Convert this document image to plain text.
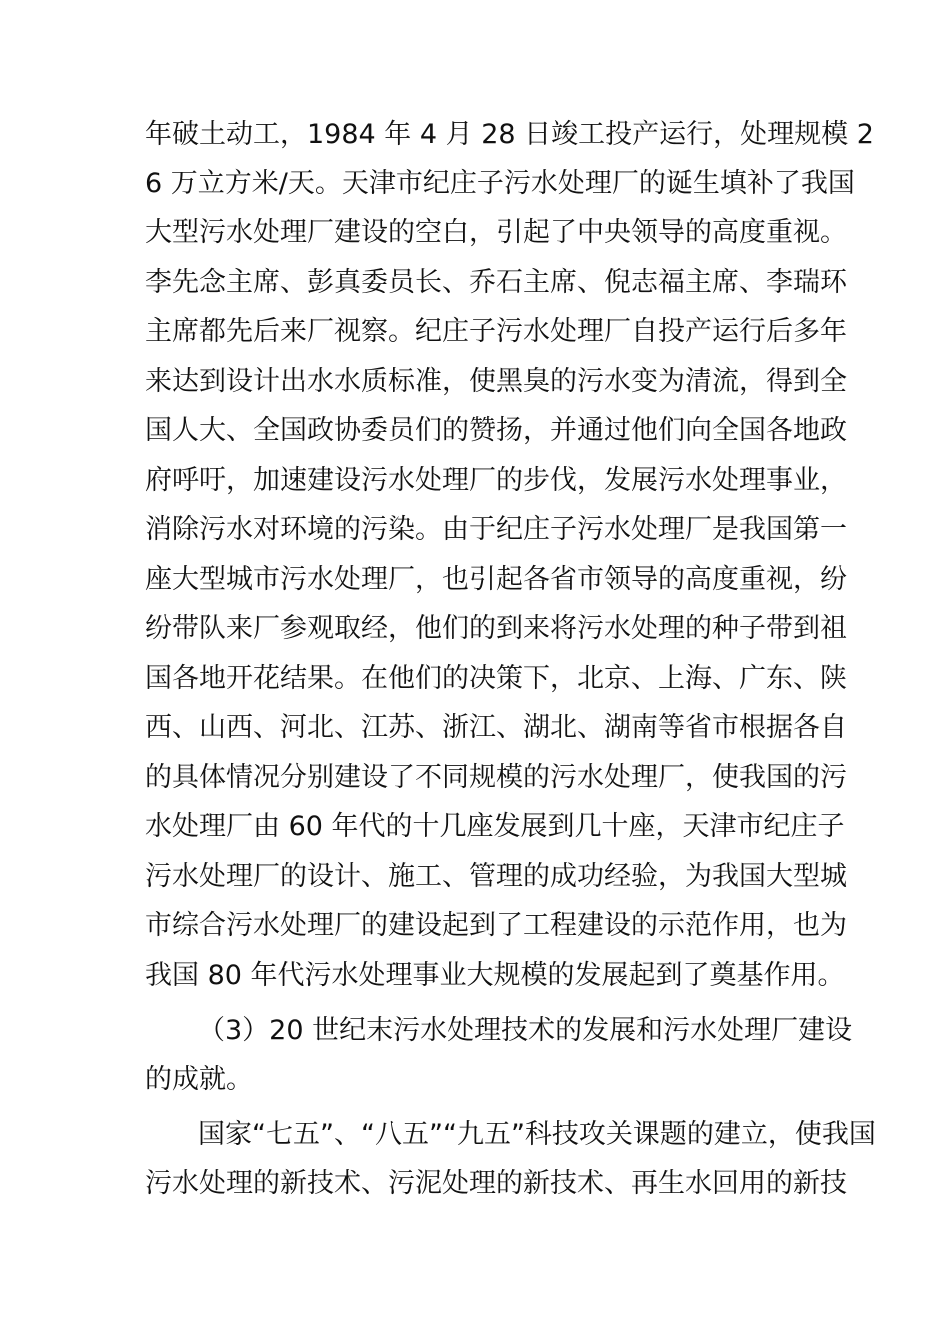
年破土动工，1984 年 4 月 28 日竣工投产运行，处理规模 2
6 万立方米/天。天津市纪庄子污水处理厂的诞生填补了我国
大型污水处理厂建设的空白，引起了中央领导的高度重视。
李先念主席、彭真委员长、乔石主席、倪志福主席、李瑞环
主席都先后来厂视察。纪庄子污水处理厂自投产运行后多年
来达到设计出水水质标准，使黑臭的污水变为清流，得到全
国人大、全国政协委员们的赞扬，并通过他们向全国各地政
府呼吁，加速建设污水处理厂的步伐，发展污水处理事业，
消除污水对环境的污染。由于纪庄子污水处理厂是我国第一
座大型城市污水处理厂，也引起各省市领导的高度重视，纷
纷带队来厂参观取经，他们的到来将污水处理的种子带到祖
国各地开花结果。在他们的决策下，北京、上海、广东、陕
西、山西、河北、江苏、浙江、湖北、湖南等省市根据各自
的具体情况分别建设了不同规模的污水处理厂，使我国的污
水处理厂由 60 年代的十几座发展到几十座，天津市纪庄子
污水处理厂的设计、施工、管理的成功经验，为我国大型城
市综合污水处理厂的建设起到了工程建设的示范作用，也为
我国 80 年代污水处理事业大规模的发展起到了奠基作用。
（3）20 世纪末污水处理技术的发展和污水处理厂建设
的成就。
国家“七五”、“八五”“九五”科技攻关课题的建立，使我国
污水处理的新技术、污泥处理的新技术、再生水回用的新技
